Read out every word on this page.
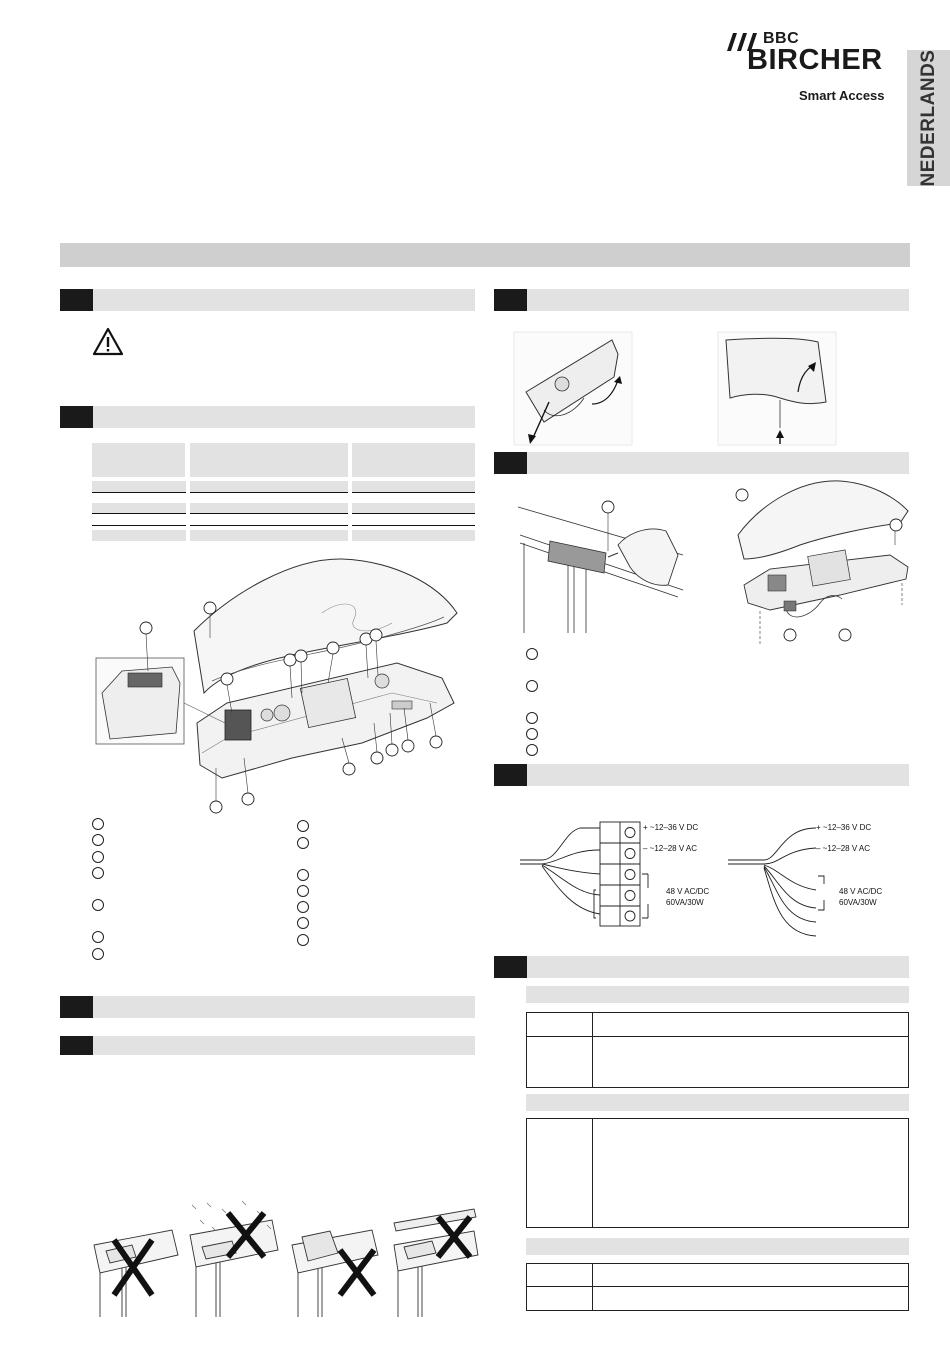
BBC
BIRCHER
Smart Access NEDERLANDS
+ ~12–36 V DC
– ~12–28 V AC
48 V AC/DC
60VA/30W
+ ~12–36 V DC
– ~12–28 V AC
48 V AC/DC
60VA/30W
